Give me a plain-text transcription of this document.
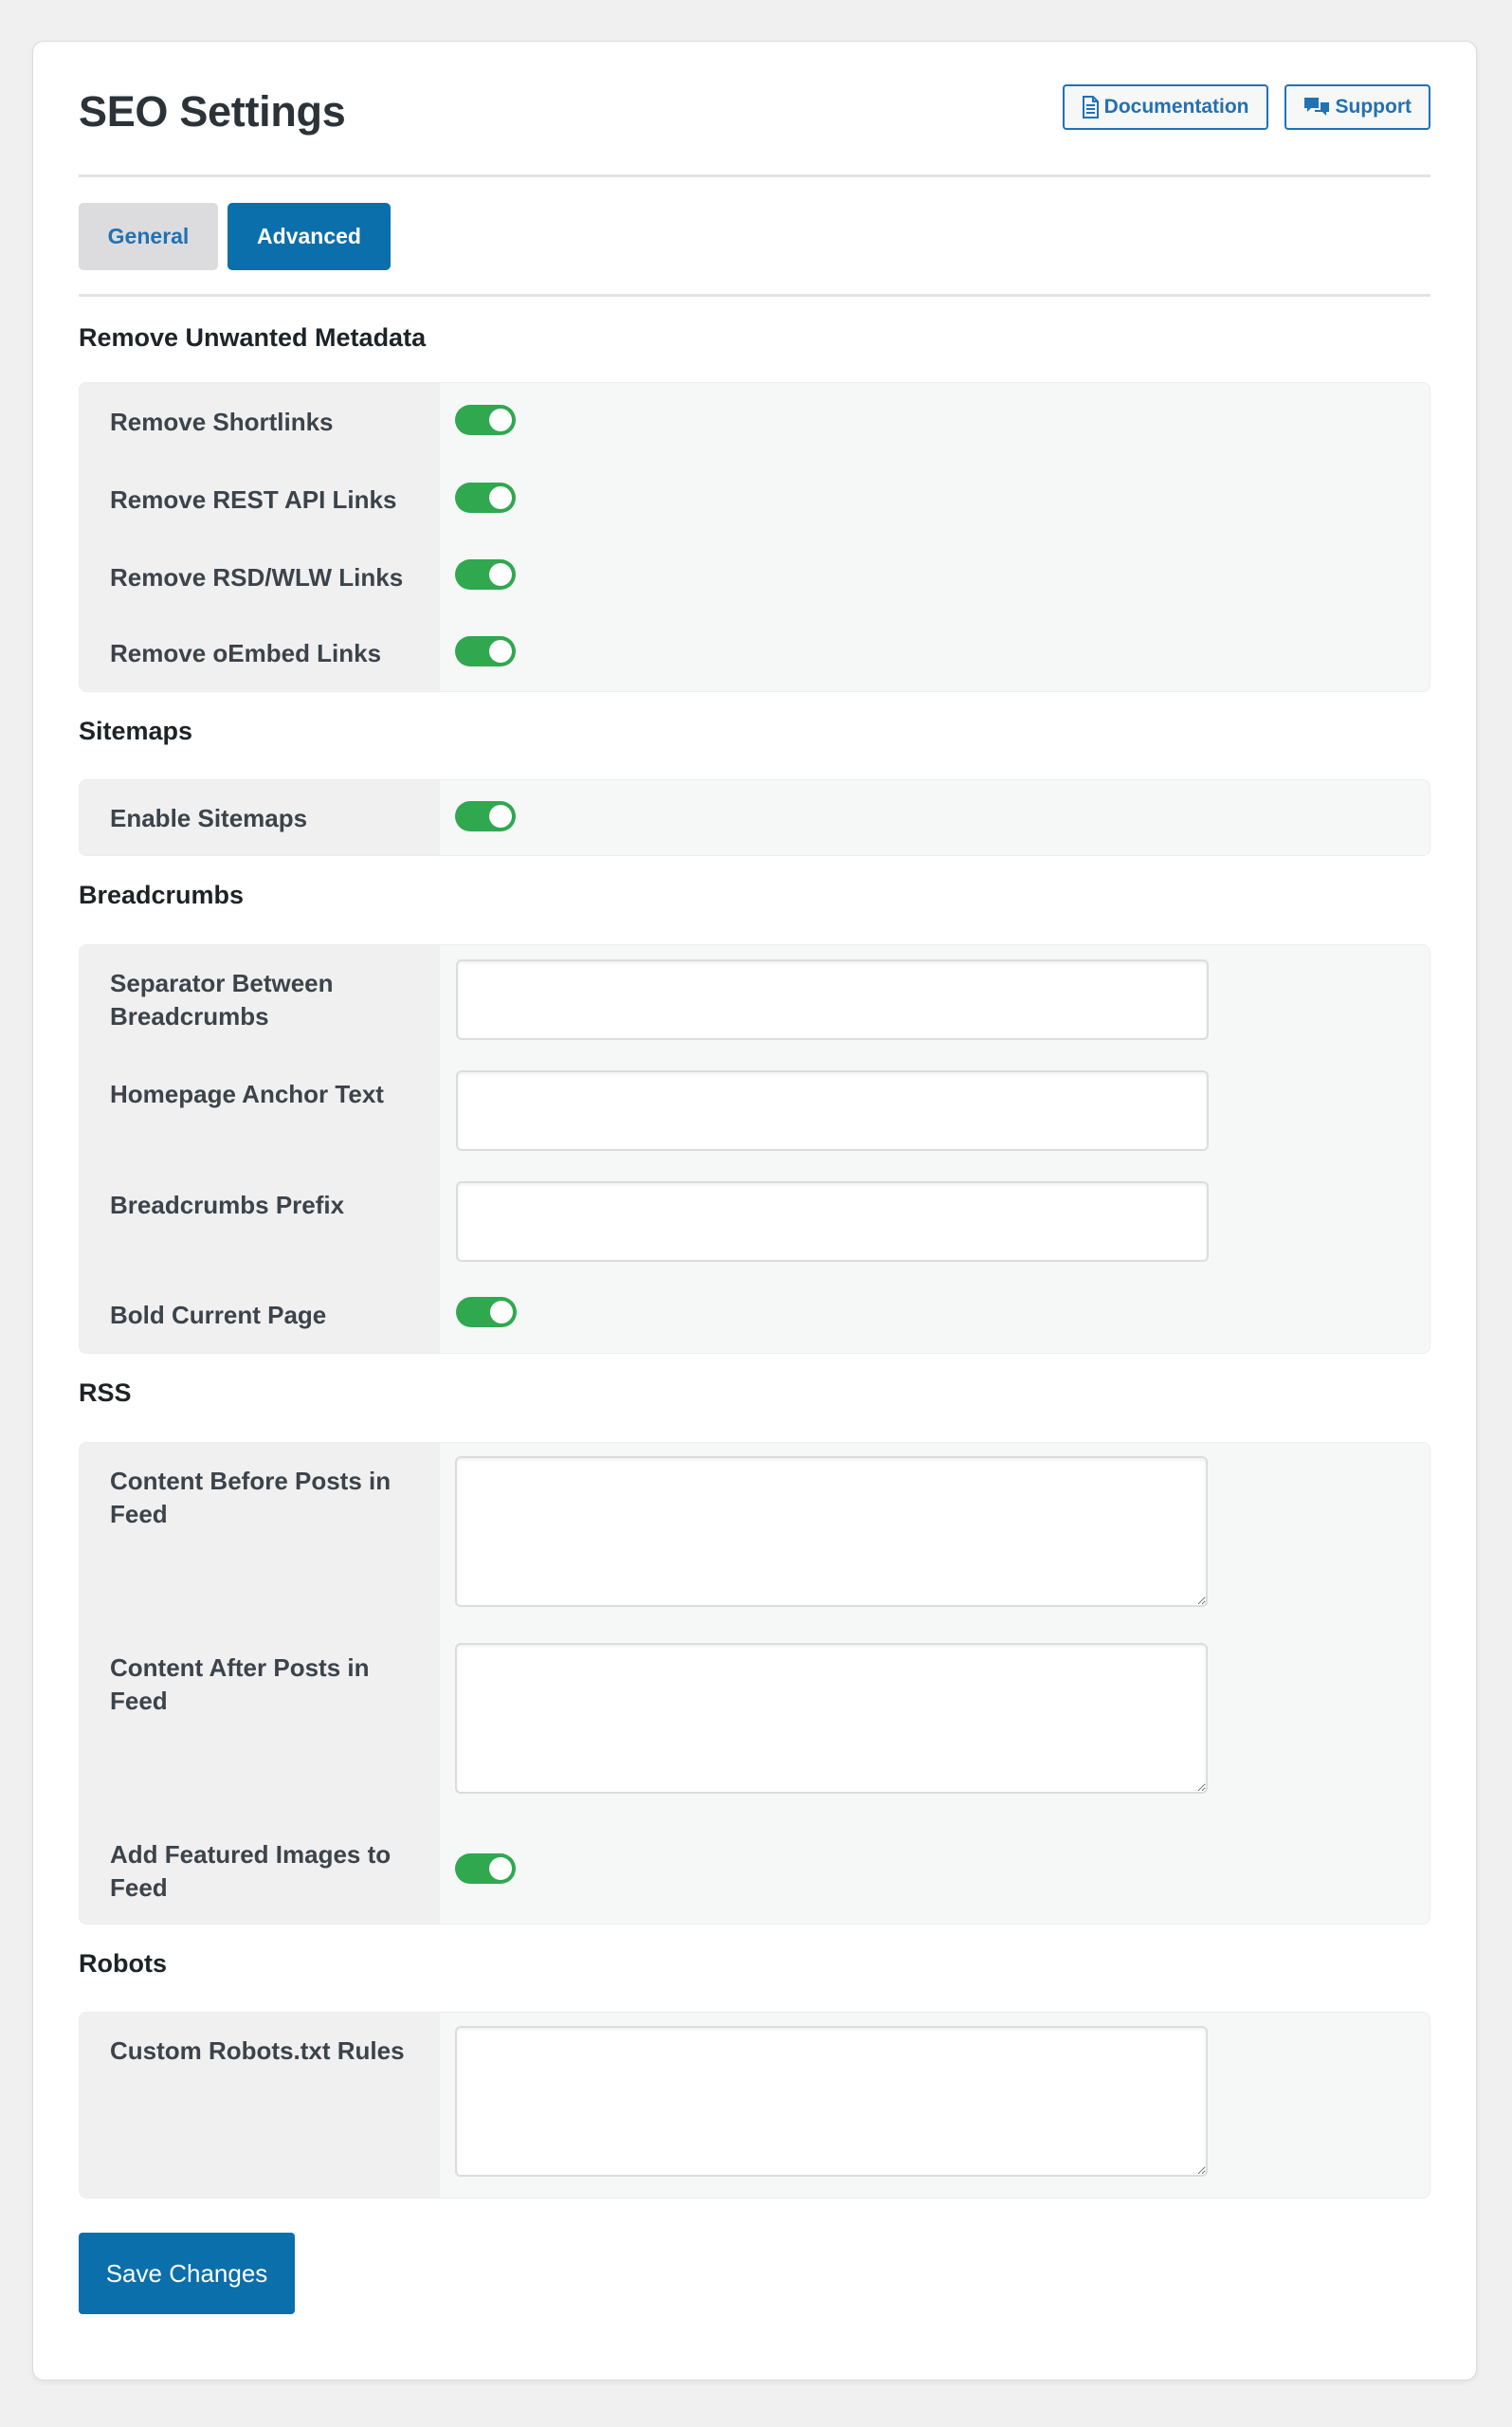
SEO Settings	Documentation	Support
General	Advanced
Remove Unwanted Metadata
Remove Shortlinks
Remove REST API Links
Remove RSD/WLW Links
Remove oEmbed Links
Sitemaps
Enable Sitemaps
Breadcrumbs
Separator Between Breadcrumbs
Homepage Anchor Text
Breadcrumbs Prefix
Bold Current Page
RSS
Content Before Posts in Feed
Content After Posts in Feed
Add Featured Images to Feed
Robots
Custom Robots.txt Rules
Save Changes
